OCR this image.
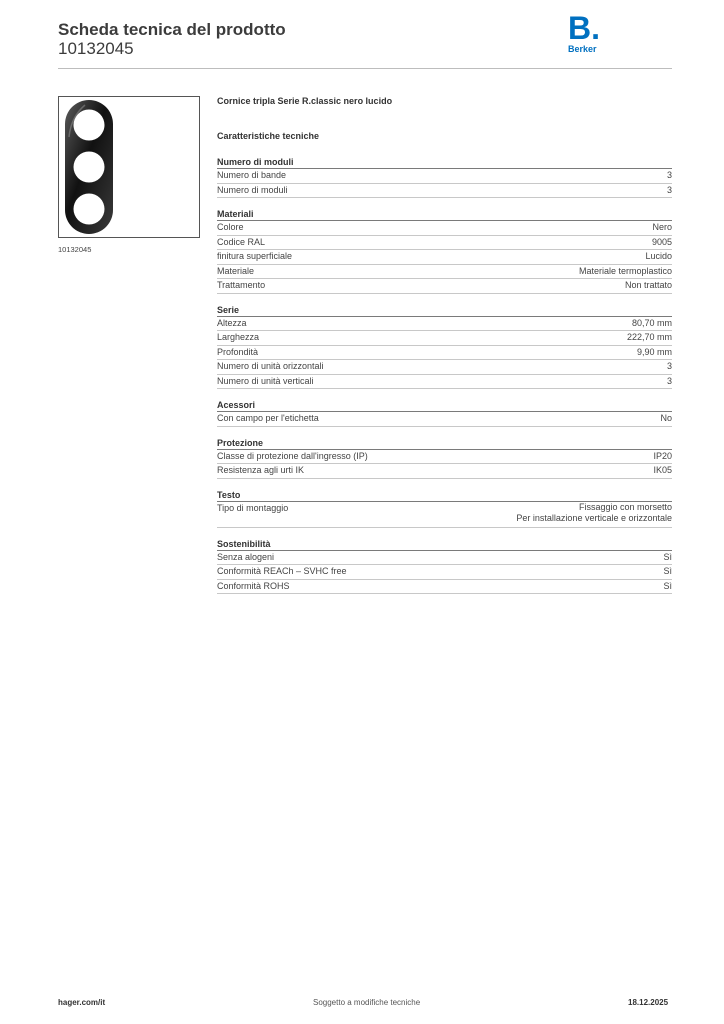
Scheda tecnica del prodotto
10132045
B.
Berker
10132045
Cornice tripla Serie R.classic nero lucido
Caratteristiche tecniche
Numero di moduli
Numero di bande	3
Numero di moduli	3
Materiali
Colore	Nero
Codice RAL	9005
finitura superficiale	Lucido
Materiale	Materiale termoplastico
Trattamento	Non trattato
Serie
Altezza	80,70 mm
Larghezza	222,70 mm
Profondità	9,90 mm
Numero di unità orizzontali	3
Numero di unità verticali	3
Acessori
Con campo per l'etichetta	No
Protezione
Classe di protezione dall'ingresso (IP)	IP20
Resistenza agli urti IK	IK05
Testo
Tipo di montaggio	Fissaggio con morsetto
Per installazione verticale e orizzontale
Sostenibilità
Senza alogeni	Sì
Conformità REACh – SVHC free	Sì
Conformità ROHS	Sì
hager.com/it	Soggetto a modifiche tecniche	18.12.2025
